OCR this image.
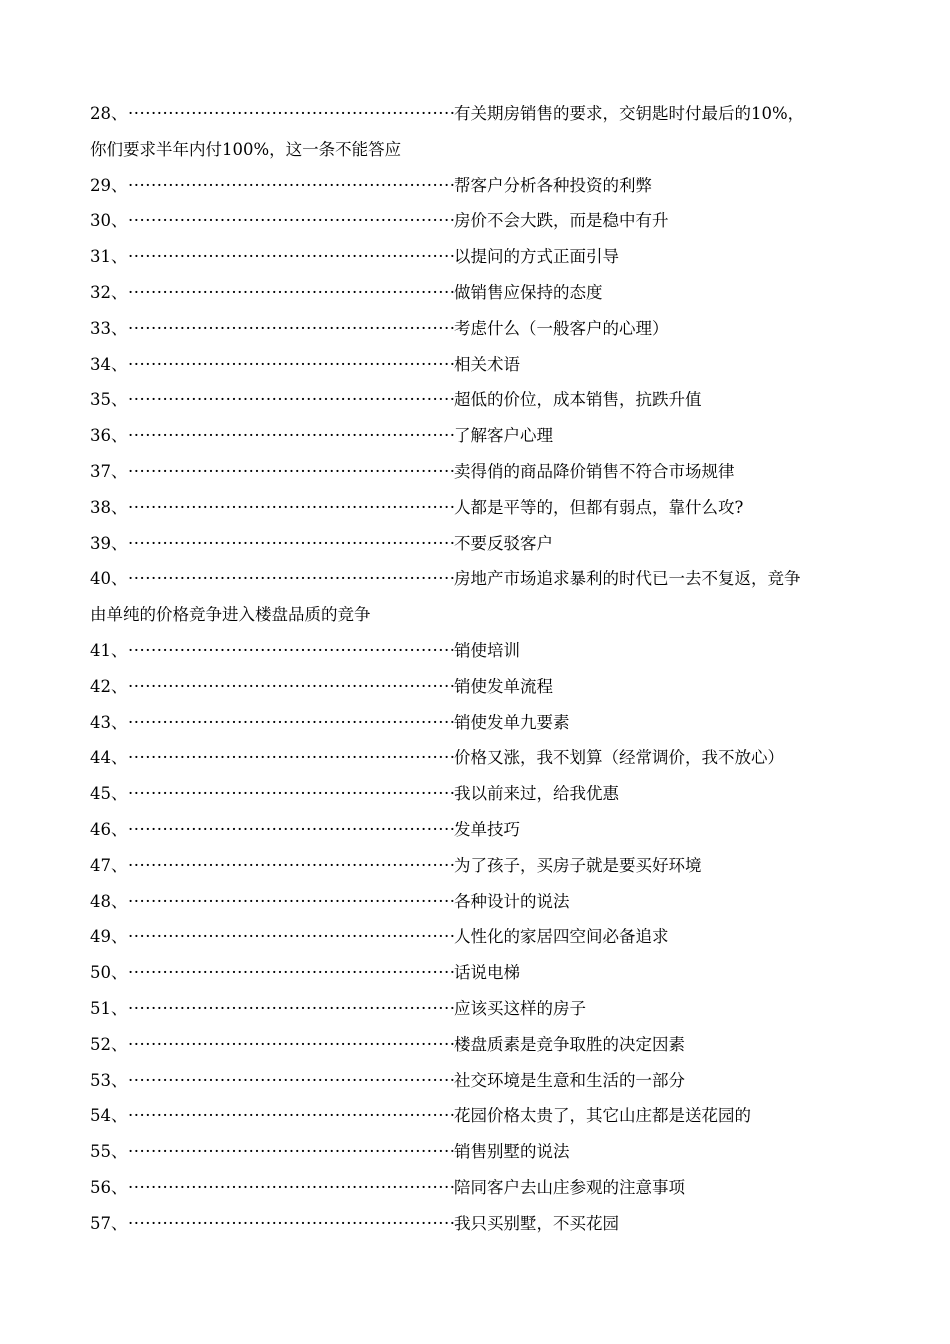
28、 ·····	有关期房销售的要求，交钥匙时付最后的10%，
你们要求半年内付100%，这一条不能答应
29、 ·····	帮客户分析各种投资的利弊
30、 ·····	房价不会大跌，而是稳中有升
31、 ·····	以提问的方式正面引导
32、 ·····	做销售应保持的态度
33、 ·····	考虑什么（一般客户的心理）
34、 ·····	相关术语
35、 ·····	超低的价位，成本销售，抗跌升值
36、 ·····	了解客户心理
37、 ·····	卖得俏的商品降价销售不符合市场规律
38、 ·····	人都是平等的，但都有弱点，靠什么攻?
39、 ·····	不要反驳客户
40、 ·····	房地产市场追求暴利的时代已一去不复返，竞争
由单纯的价格竞争进入楼盘品质的竞争
41、 ·····	销使培训
42、 ·····	销使发单流程
43、 ·····	销使发单九要素
44、 ·····	价格又涨，我不划算（经常调价，我不放心）
45、 ·····	我以前来过，给我优惠
46、 ·····	发单技巧
47、 ·····	为了孩子，买房子就是要买好环境
48、 ·····	各种设计的说法
49、 ·····	人性化的家居四空间必备追求
50、 ·····	话说电梯
51、 ·····	应该买这样的房子
52、 ·····	楼盘质素是竞争取胜的决定因素
53、 ·····	社交环境是生意和生活的一部分
54、 ·····	花园价格太贵了，其它山庄都是送花园的
55、 ·····	销售别墅的说法
56、 ·····	陪同客户去山庄参观的注意事项
57、 ·····	我只买别墅，不买花园
